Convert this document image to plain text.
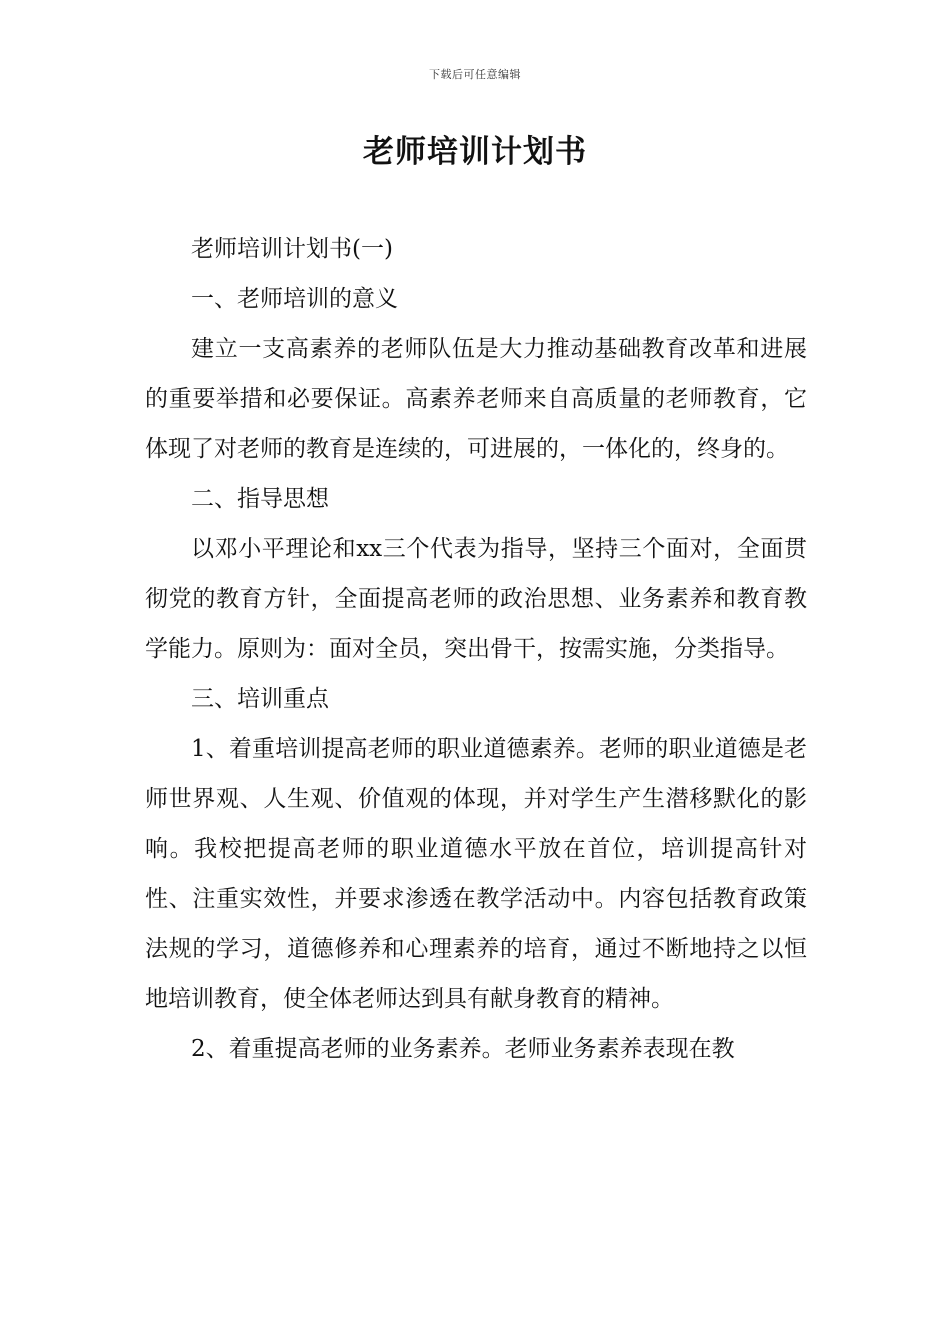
下载后可任意编辑
老师培训计划书

老师培训计划书(一)

一、老师培训的意义

建立一支高素养的老师队伍是大力推动基础教育改革和进展的重要举措和必要保证。高素养老师来自高质量的老师教育，它体现了对老师的教育是连续的，可进展的，一体化的，终身的。

二、指导思想

以邓小平理论和xx三个代表为指导，坚持三个面对，全面贯彻党的教育方针，全面提高老师的政治思想、业务素养和教育教学能力。原则为：面对全员，突出骨干，按需实施，分类指导。

三、培训重点

1、着重培训提高老师的职业道德素养。老师的职业道德是老师世界观、人生观、价值观的体现，并对学生产生潜移默化的影响。我校把提高老师的职业道德水平放在首位，培训提高针对性、注重实效性，并要求渗透在教学活动中。内容包括教育政策法规的学习，道德修养和心理素养的培育，通过不断地持之以恒地培训教育，使全体老师达到具有献身教育的精神。

2、着重提高老师的业务素养。老师业务素养表现在教
